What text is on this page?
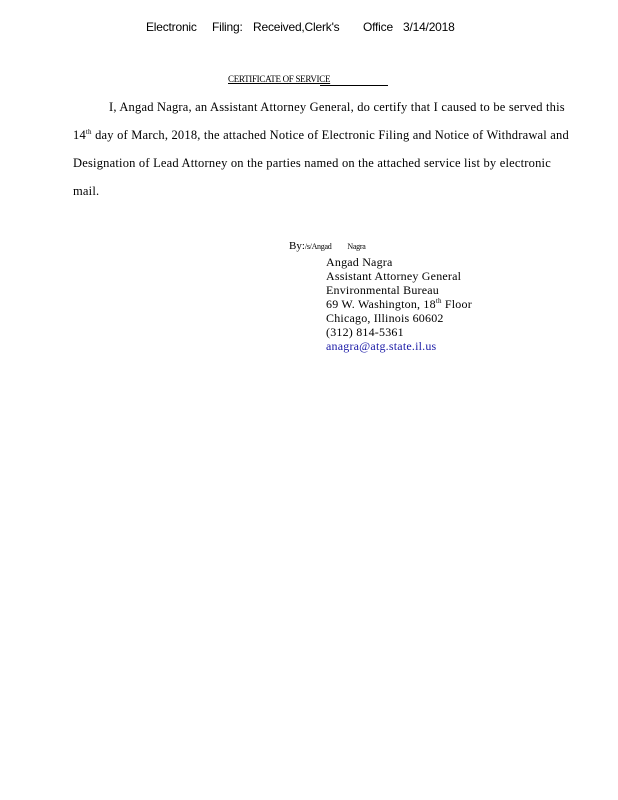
Electronic Filing: Received,Clerk's Office 3/14/2018
CERTIFICATE OF SERVICE
I, Angad Nagra, an Assistant Attorney General, do certify that I caused to be served this
14th day of March, 2018, the attached Notice of Electronic Filing and Notice of Withdrawal and
Designation of Lead Attorney on the parties named on the attached service list by electronic
mail.
By:/s/Angad Nagra
Angad Nagra
Assistant Attorney General
Environmental Bureau
69 W. Washington, 18th Floor
Chicago, Illinois 60602
(312) 814-5361
anagra@atg.state.il.us
